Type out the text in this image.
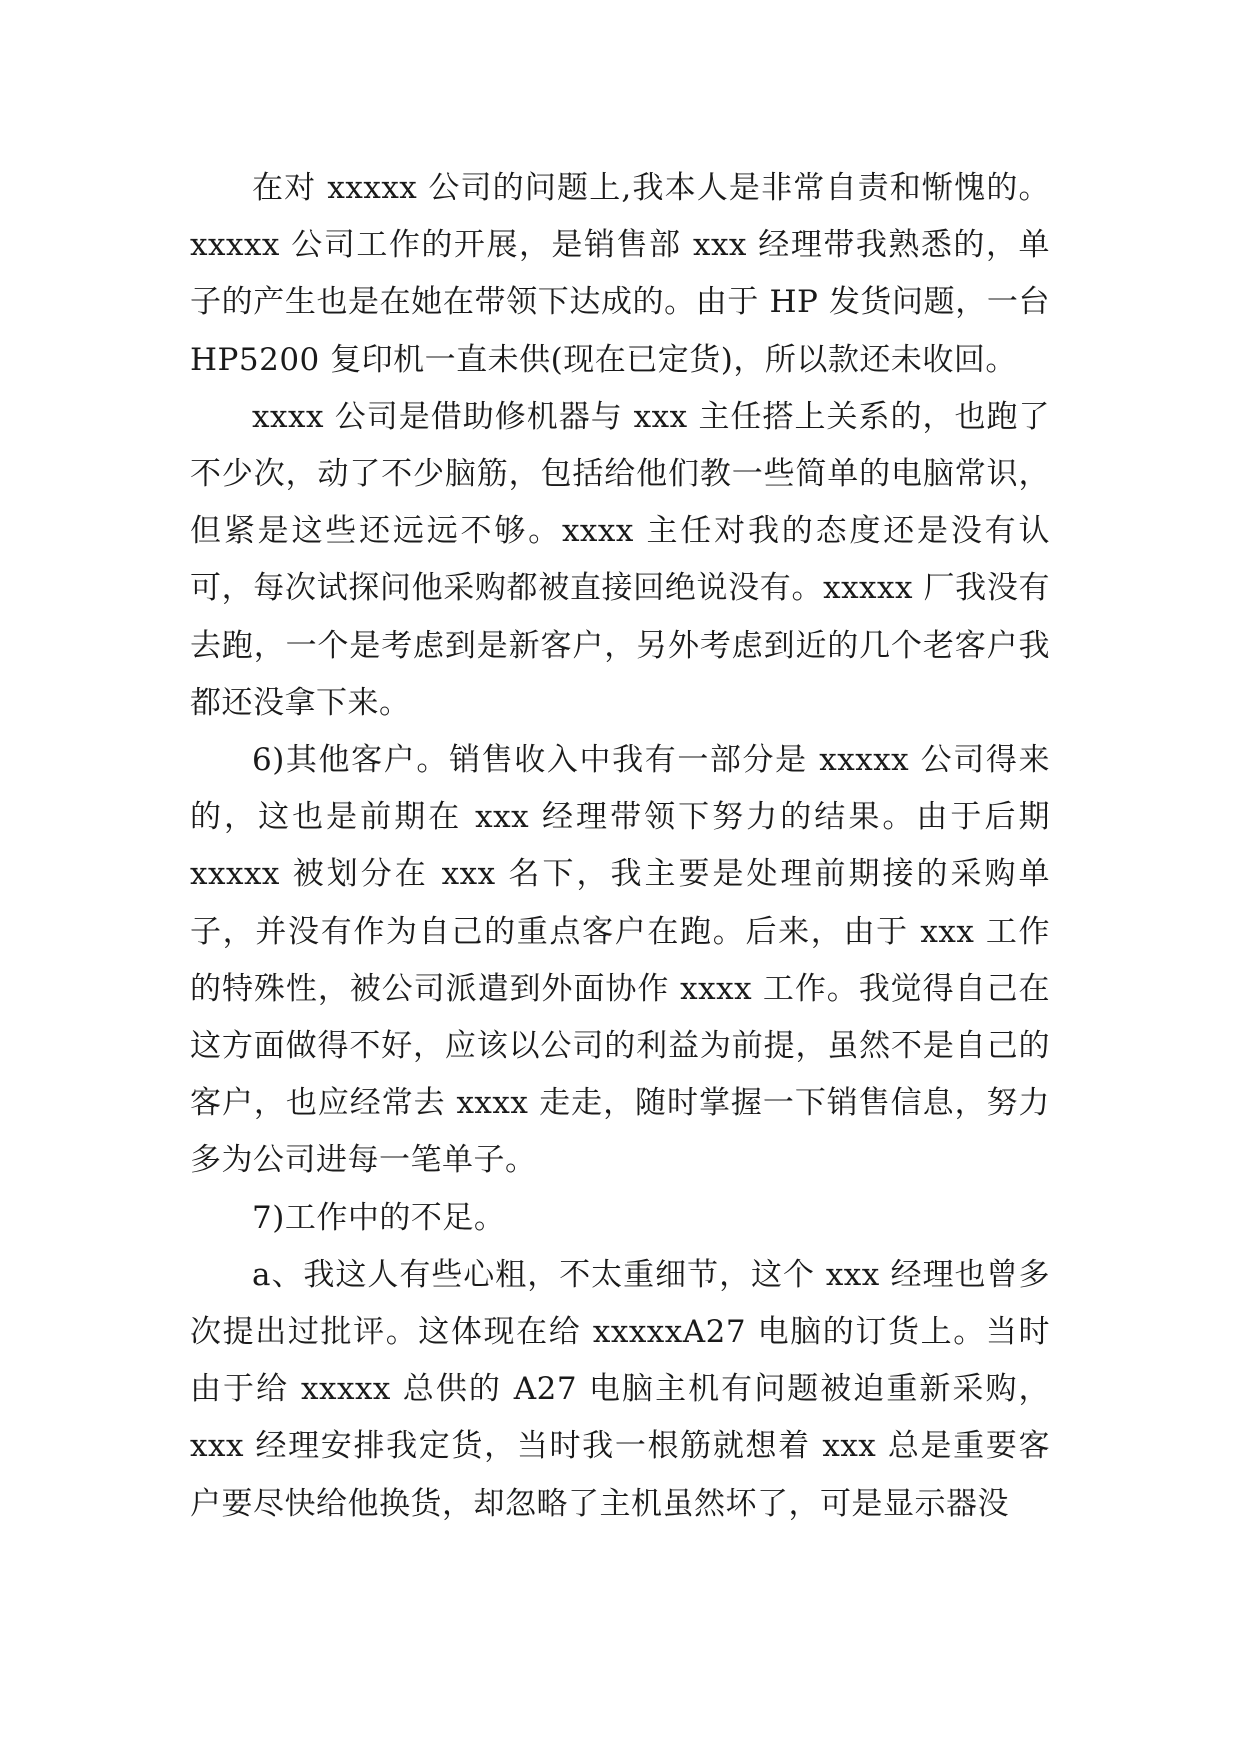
在对 xxxxx 公司的问题上,我本人是非常自责和惭愧的。xxxxx 公司工作的开展，是销售部 xxx 经理带我熟悉的，单子的产生也是在她在带领下达成的。由于 HP 发货问题，一台 HP5200 复印机一直未供(现在已定货)，所以款还未收回。

xxxx 公司是借助修机器与 xxx 主任搭上关系的，也跑了不少次，动了不少脑筋，包括给他们教一些简单的电脑常识，但紧是这些还远远不够。xxxx 主任对我的态度还是没有认可，每次试探问他采购都被直接回绝说没有。xxxxx 厂我没有去跑，一个是考虑到是新客户，另外考虑到近的几个老客户我都还没拿下来。

6)其他客户。销售收入中我有一部分是 xxxxx 公司得来的，这也是前期在 xxx 经理带领下努力的结果。由于后期 xxxxx 被划分在 xxx 名下，我主要是处理前期接的采购单子，并没有作为自己的重点客户在跑。后来，由于 xxx 工作的特殊性，被公司派遣到外面协作 xxxx 工作。我觉得自己在这方面做得不好，应该以公司的利益为前提，虽然不是自己的客户，也应经常去 xxxx 走走，随时掌握一下销售信息，努力多为公司进每一笔单子。

7)工作中的不足。

a、我这人有些心粗，不太重细节，这个 xxx 经理也曾多次提出过批评。这体现在给 xxxxxA27 电脑的订货上。当时由于给 xxxxx 总供的 A27 电脑主机有问题被迫重新采购，xxx 经理安排我定货，当时我一根筋就想着 xxx 总是重要客户要尽快给他换货，却忽略了主机虽然坏了，可是显示器没
